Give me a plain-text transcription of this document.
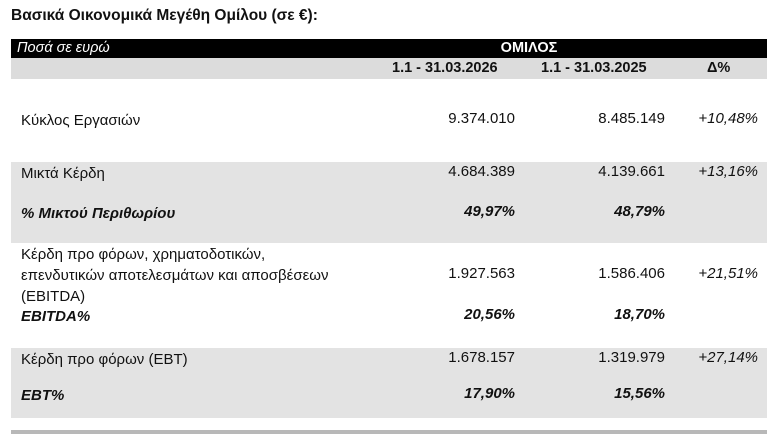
Βασικά Οικονομικά Μεγέθη Ομίλου (σε €):
Ποσά σε ευρώ	ΟΜΙΛΟΣ
1.1 - 31.03.2026	1.1 - 31.03.2025	Δ%
Κύκλος Εργασιών	9.374.010	8.485.149 +10,48%
Μικτά Κέρδη	4.684.389	4.139.661 +13,16%
% Μικτού Περιθωρίου	49,97%	48,79%
Κέρδη προ φόρων, χρηματοδοτικών,
επενδυτικών αποτελεσμάτων και αποσβέσεων
(EBITDA)
1.927.563	1.586.406 +21,51%
EBITDA%	20,56%	18,70%
Κέρδη προ φόρων (EBT)	1.678.157	1.319.979 +27,14%
EBT%	17,90%	15,56%
